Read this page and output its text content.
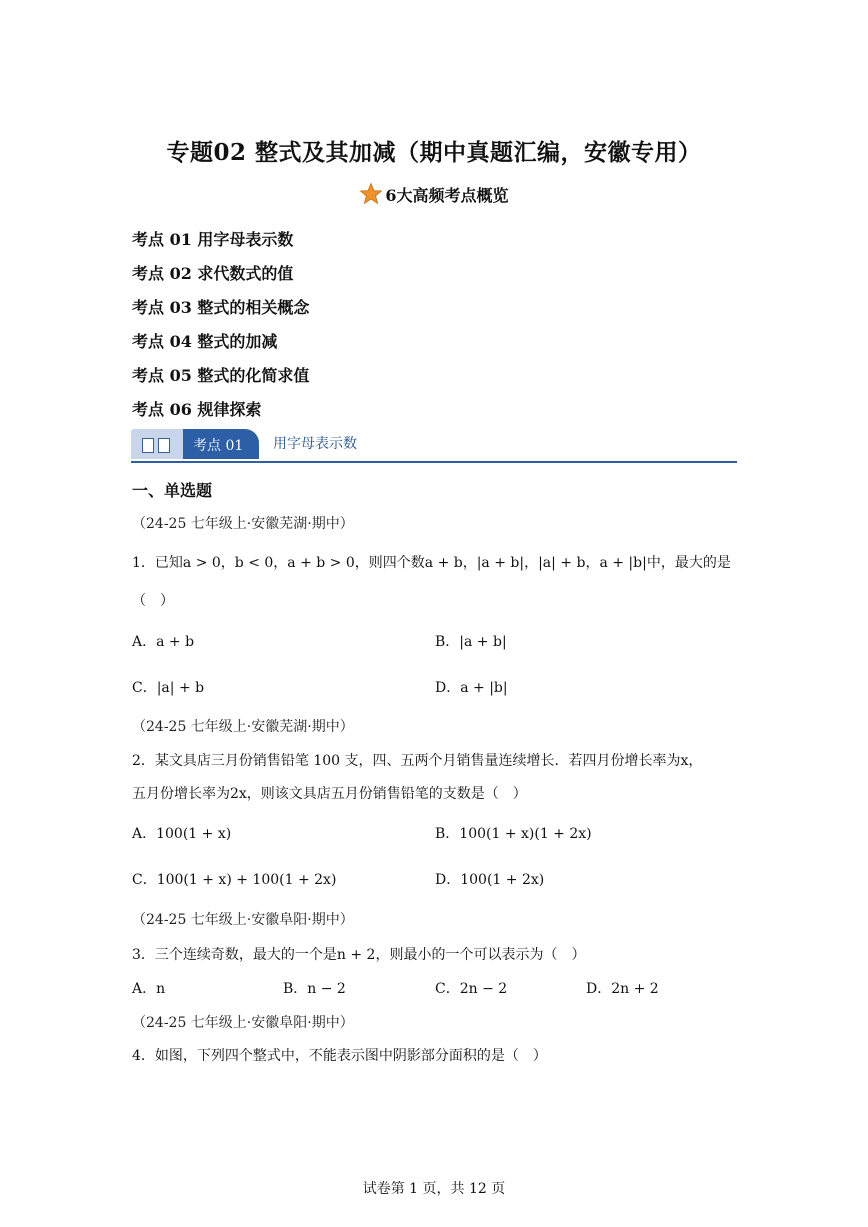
专题02 整式及其加减（期中真题汇编，安徽专用）
6大高频考点概览
考点 01 用字母表示数
考点 02 求代数式的值
考点 03 整式的相关概念
考点 04 整式的加减
考点 05 整式的化简求值
考点 06 规律探索
考点 01 用字母表示数
一、单选题
（24-25 七年级上·安徽芜湖·期中）
1．已知a > 0，b < 0，a + b > 0，则四个数a + b，|a + b|，|a| + b，a + |b|中，最大的是
（　）
A．a + b	B．|a + b|
C．|a| + b	D．a + |b|
（24-25 七年级上·安徽芜湖·期中）
2．某文具店三月份销售铅笔 100 支，四、五两个月销售量连续增长．若四月份增长率为x，
五月份增长率为2x，则该文具店五月份销售铅笔的支数是（　）
A．100(1 + x)	B．100(1 + x)(1 + 2x)
C．100(1 + x) + 100(1 + 2x)	D．100(1 + 2x)
（24-25 七年级上·安徽阜阳·期中）
3．三个连续奇数，最大的一个是n + 2，则最小的一个可以表示为（　）
A．n	B．n − 2	C．2n − 2	D．2n + 2
（24-25 七年级上·安徽阜阳·期中）
4．如图，下列四个整式中，不能表示图中阴影部分面积的是（　）
试卷第 1 页，共 12 页
